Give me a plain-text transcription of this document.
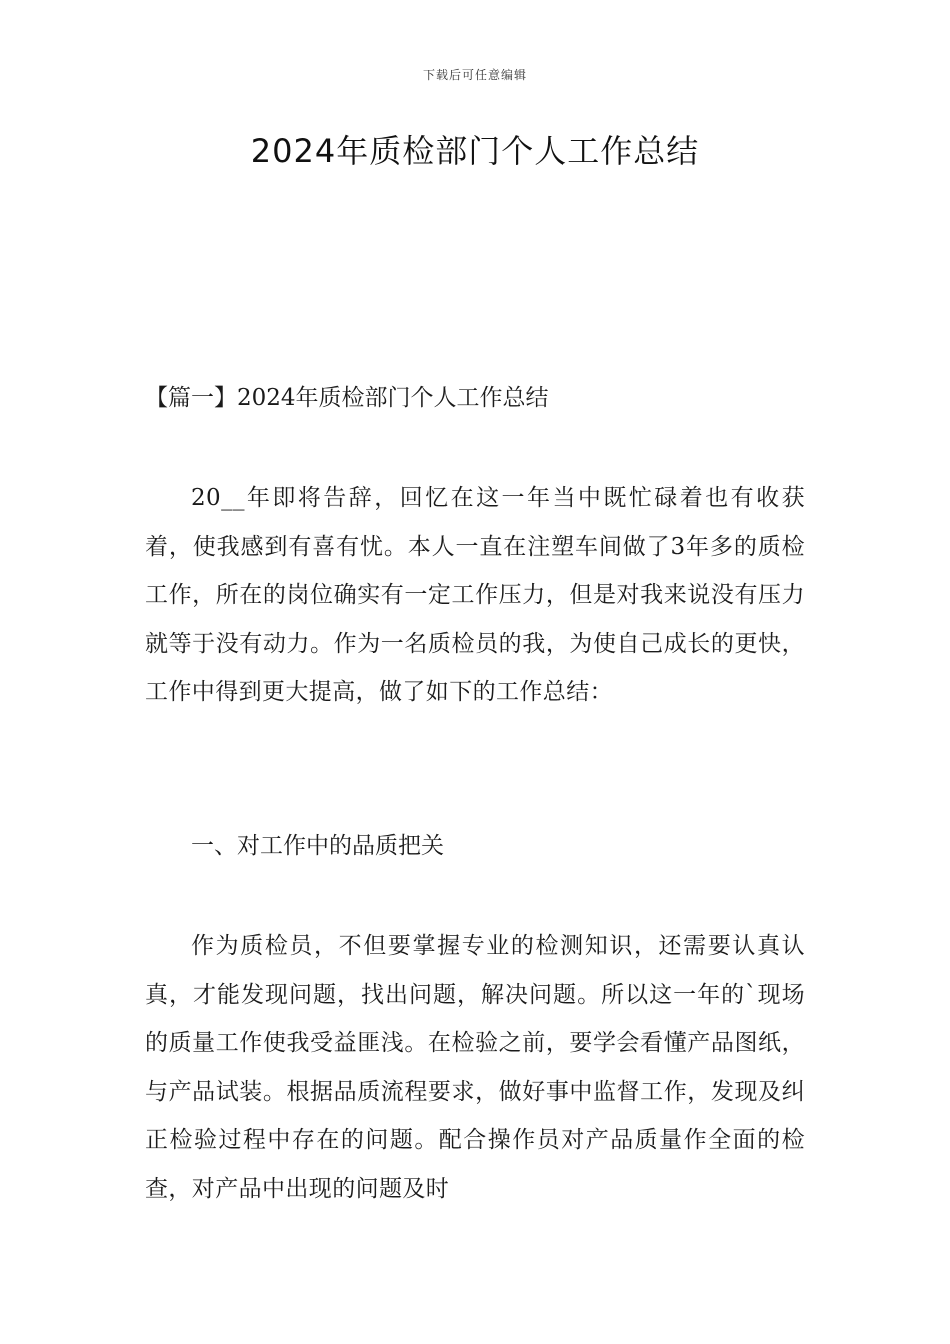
下载后可任意编辑
2024年质检部门个人工作总结

【篇一】2024年质检部门个人工作总结

20__年即将告辞，回忆在这一年当中既忙碌着也有收获着，使我感到有喜有忧。本人一直在注塑车间做了3年多的质检工作，所在的岗位确实有一定工作压力，但是对我来说没有压力就等于没有动力。作为一名质检员的我，为使自己成长的更快，工作中得到更大提高，做了如下的工作总结：

一、对工作中的品质把关

作为质检员，不但要掌握专业的检测知识，还需要认真认真，才能发现问题，找出问题，解决问题。所以这一年的`现场的质量工作使我受益匪浅。在检验之前，要学会看懂产品图纸，与产品试装。根据品质流程要求，做好事中监督工作，发现及纠正检验过程中存在的问题。配合操作员对产品质量作全面的检查，对产品中出现的问题及时
